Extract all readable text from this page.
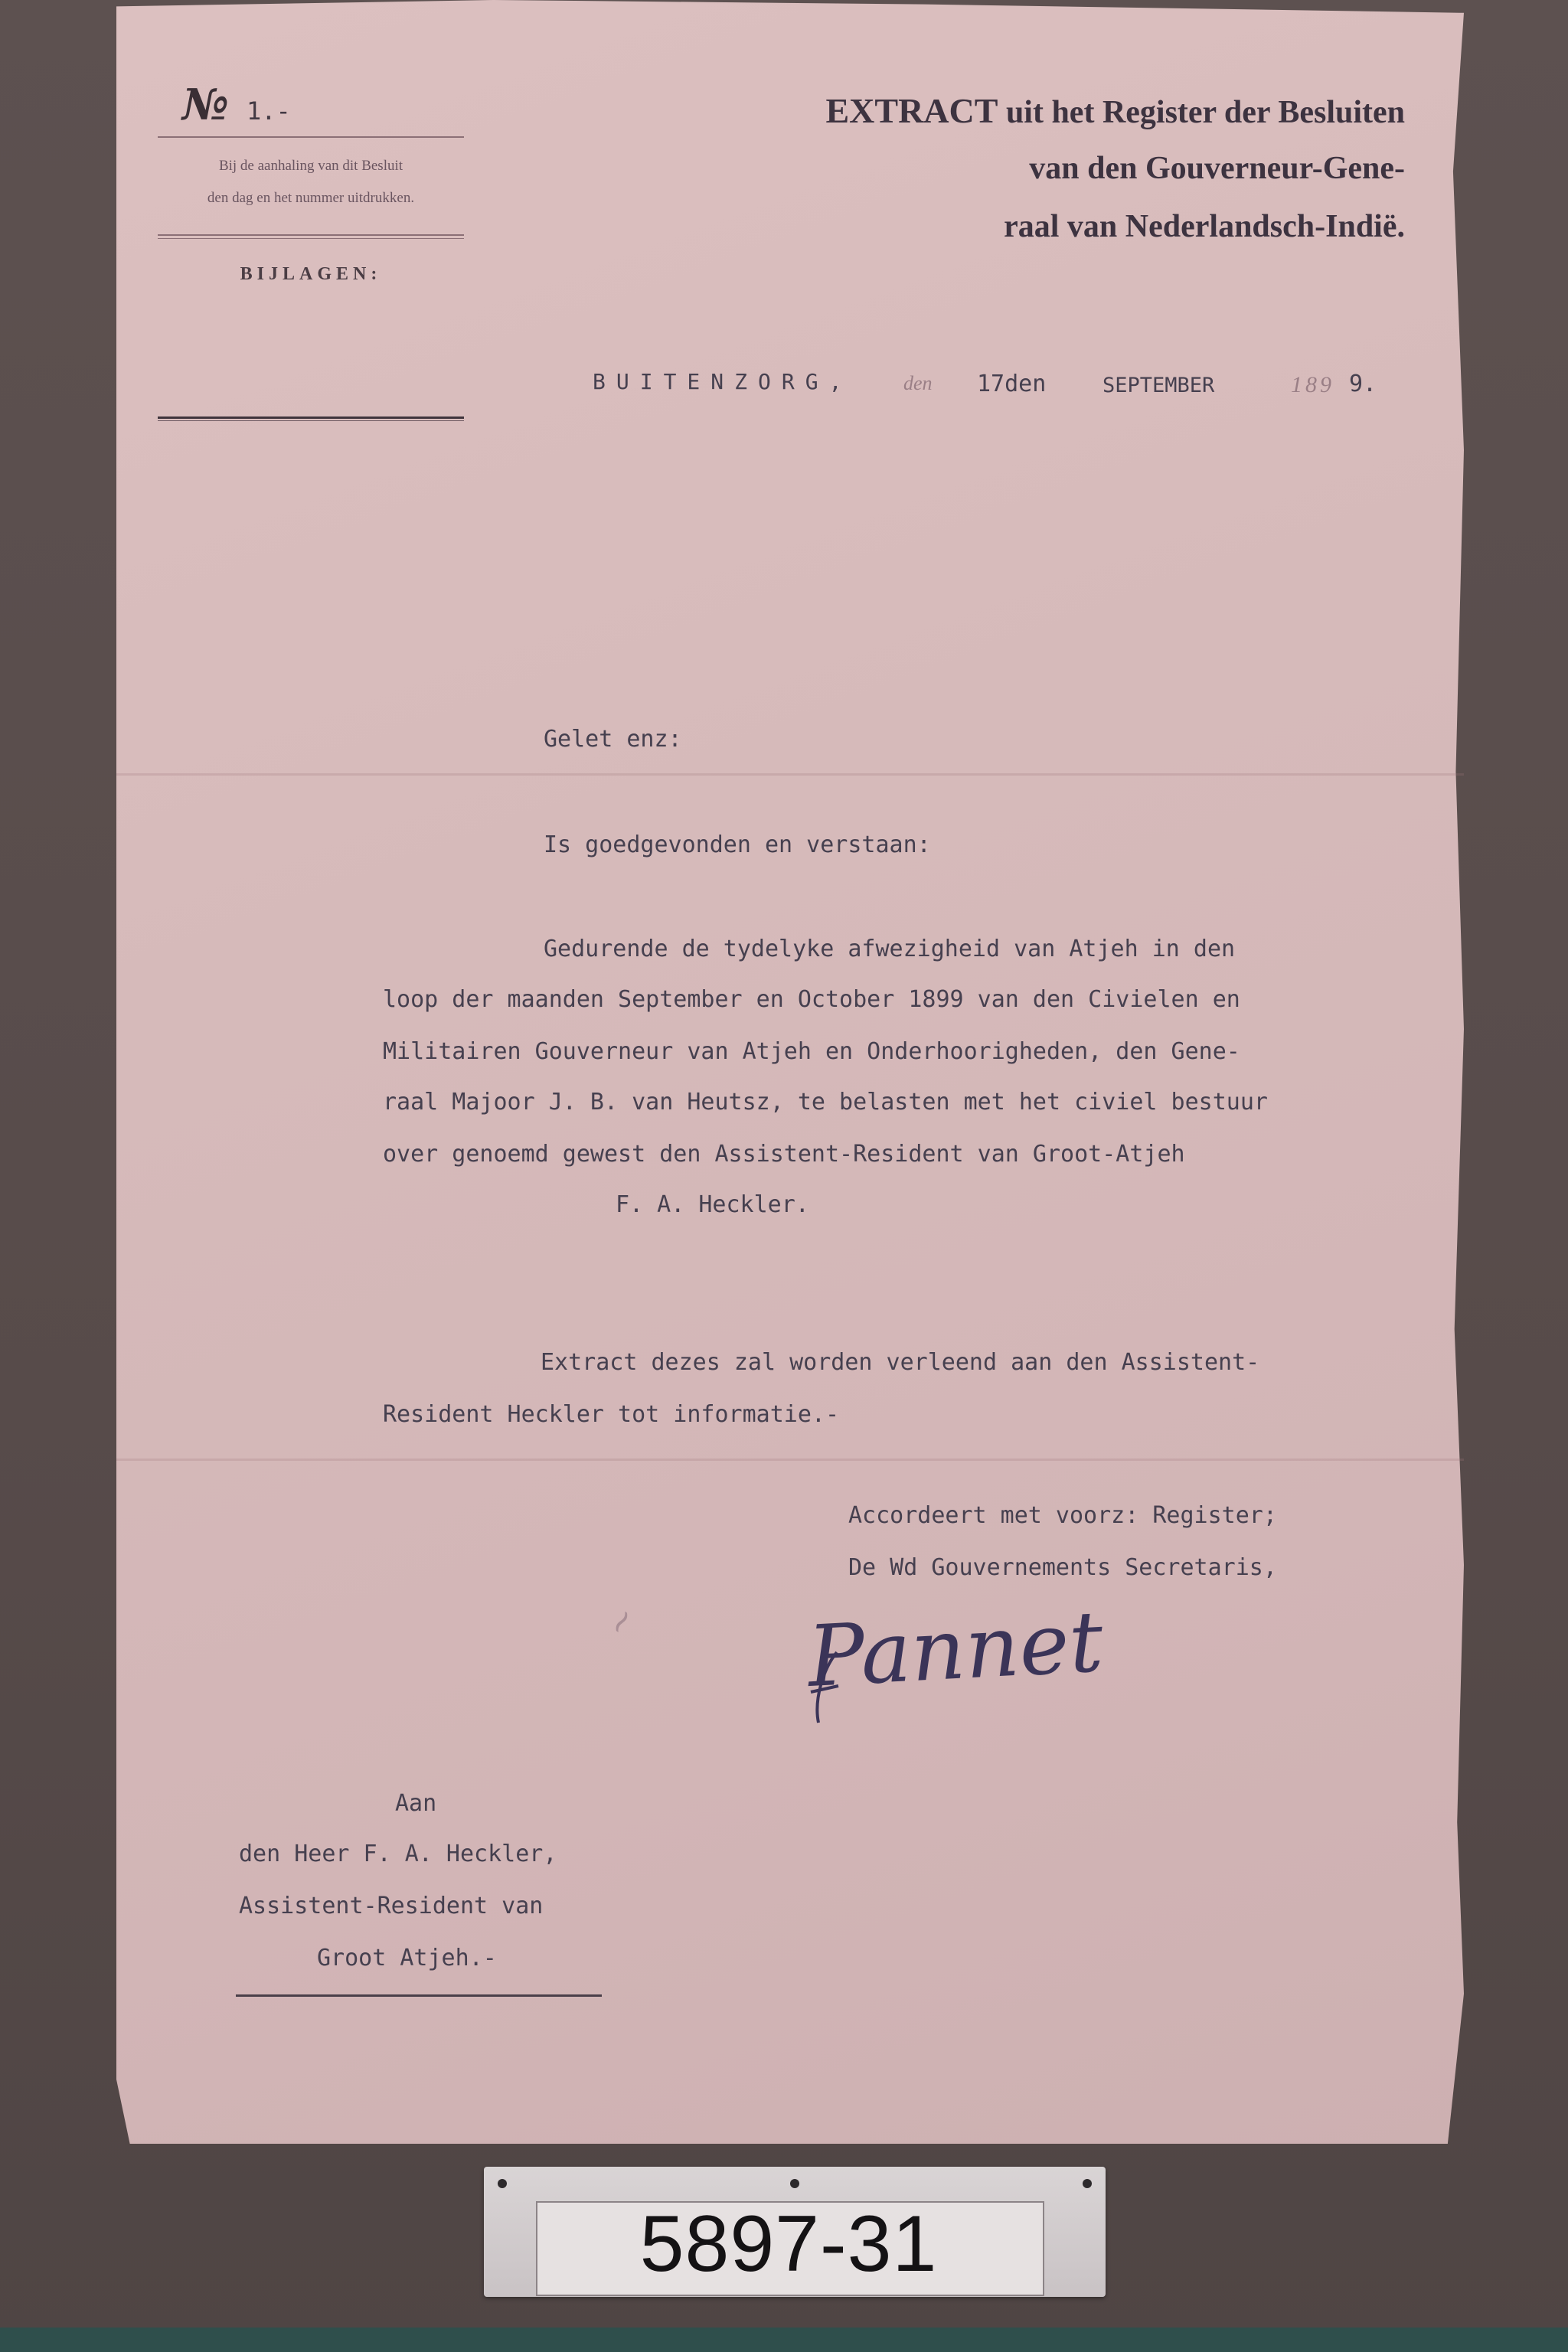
№ 1.-
Bij de aanhaling van dit Besluit
den dag en het nummer uitdrukken.
BIJLAGEN:
EXTRACT uit het Register der Besluiten
van den Gouverneur-Gene-
raal van Nederlandsch-Indië.
BUITENZORG,	den 17den	SEPTEMBER	189 9.
Gelet enz:
Is goedgevonden en verstaan:
Gedurende de tydelyke afwezigheid van Atjeh in den
loop der maanden September en October 1899 van den Civielen en
Militairen Gouverneur van Atjeh en Onderhoorigheden, den Gene-
raal Majoor J. B. van Heutsz, te belasten met het civiel bestuur
over genoemd gewest den Assistent-Resident van Groot-Atjeh
F. A. Heckler.
Extract dezes zal worden verleend aan den Assistent-
Resident Heckler tot informatie.-
Accordeert met voorz: Register;
De Wd Gouvernements Secretaris,
~ Pannet
Aan
den Heer F. A. Heckler,
Assistent-Resident van
Groot Atjeh.-
5897-31
